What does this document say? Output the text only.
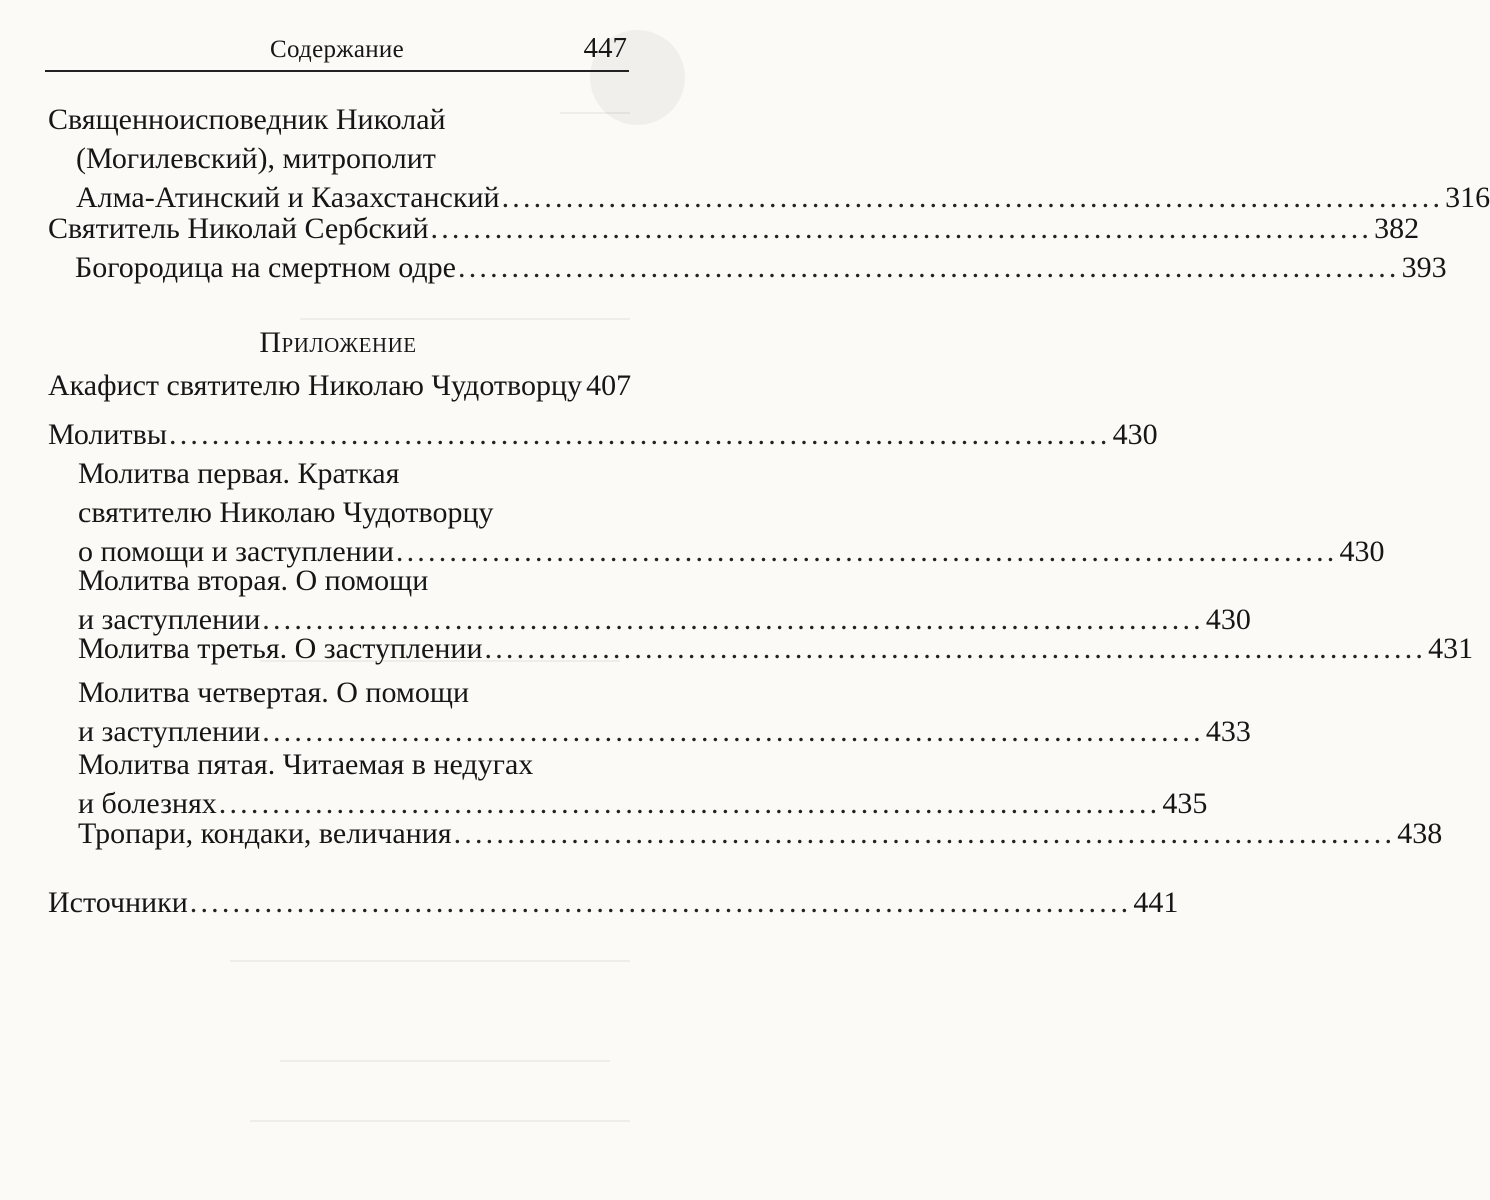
Содержание	447
Священноисповедник Николай
(Могилевский), митрополит
Алма-Атинский и Казахстанский ........................................................................................ 316
Святитель Николай Сербский ........................................................................................ 382
Богородица на смертном одре ........................................................................................ 393
Приложение
Акафист святителю Николаю Чудотворцу 407
Молитвы ........................................................................................ 430
Молитва первая. Краткая
святителю Николаю Чудотворцу
о помощи и заступлении ........................................................................................ 430
Молитва вторая. О помощи
и заступлении ........................................................................................ 430
Молитва третья. О заступлении ........................................................................................ 431
Молитва четвертая. О помощи
и заступлении ........................................................................................ 433
Молитва пятая. Читаемая в недугах
и болезнях ........................................................................................ 435
Тропари, кондаки, величания ........................................................................................ 438
Источники ........................................................................................ 441
